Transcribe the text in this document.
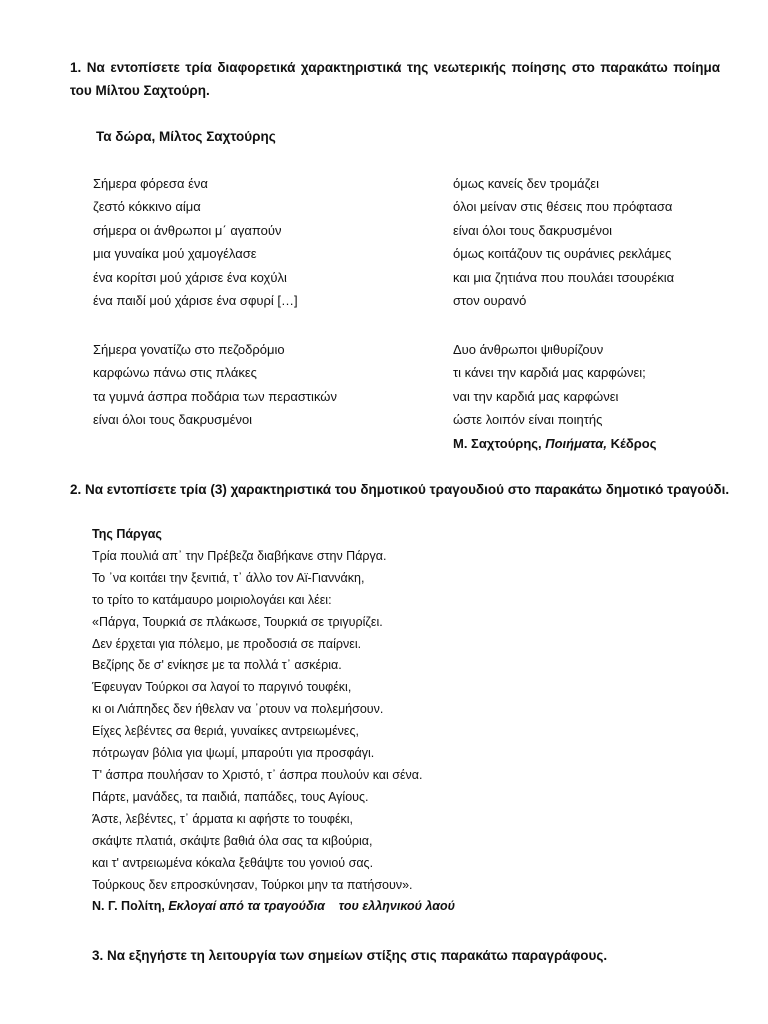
1. Να εντοπίσετε τρία διαφορετικά χαρακτηριστικά της νεωτερικής ποίησης στο παρακάτω ποίημα του Μίλτου Σαχτούρη.

Τα δώρα, Μίλτος Σαχτούρης

Σήμερα φόρεσα ένα
ζεστό κόκκινο αίμα
σήμερα οι άνθρωποι μ΄ αγαπούν
μια γυναίκα μού χαμογέλασε
ένα κορίτσι μού χάρισε ένα κοχύλι
ένα παιδί μού χάρισε ένα σφυρί […]
Σήμερα γονατίζω στο πεζοδρόμιο
καρφώνω πάνω στις πλάκες
τα γυμνά άσπρα ποδάρια των περαστικών
είναι όλοι τους δακρυσμένοι
όμως κανείς δεν τρομάζει
όλοι μείναν στις θέσεις που πρόφτασα
είναι όλοι τους δακρυσμένοι
όμως κοιτάζουν τις ουράνιες ρεκλάμες
και μια ζητιάνα που πουλάει τσουρέκια
στον ουρανό
Δυο άνθρωποι ψιθυρίζουν
τι κάνει την καρδιά μας καρφώνει;
ναι την καρδιά μας καρφώνει
ώστε λοιπόν είναι ποιητής
Μ. Σαχτούρης, Ποιήματα, Κέδρος

2. Να εντοπίσετε τρία (3) χαρακτηριστικά του δημοτικού τραγουδιού στο παρακάτω δημοτικό τραγούδι.

Της Πάργας
Τρία πουλιά απ᾽ την Πρέβεζα διαβήκανε στην Πάργα.
Το ᾽να κοιτάει την ξενιτιά, τ᾽ άλλο τον Αϊ-Γιαννάκη,
το τρίτο το κατάμαυρο μοιριολογάει και λέει:
«Πάργα, Τουρκιά σε πλάκωσε, Τουρκιά σε τριγυρίζει.
Δεν έρχεται για πόλεμο, με προδοσιά σε παίρνει.
Βεζίρης δε σ' ενίκησε με τα πολλά τ᾽ ασκέρια.
Έφευγαν Τούρκοι σα λαγοί το παργινό τουφέκι,
κι οι Λιάπηδες δεν ήθελαν να ᾽ρτουν να πολεμήσουν.
Είχες λεβέντες σα θεριά, γυναίκες αντρειωμένες,
πότρωγαν βόλια για ψωμί, μπαρούτι για προσφάγι.
Τ' άσπρα πουλήσαν το Χριστό, τ᾽ άσπρα πουλούν και σένα.
Πάρτε, μανάδες, τα παιδιά, παπάδες, τους Αγίους.
Άστε, λεβέντες, τ᾽ άρματα κι αφήστε το τουφέκι,
σκάψτε πλατιά, σκάψτε βαθιά όλα σας τα κιβούρια,
και τ' αντρειωμένα κόκαλα ξεθάψτε του γονιού σας.
Τούρκους δεν επροσκύνησαν, Τούρκοι μην τα πατήσουν».
Ν. Γ. Πολίτη, Εκλογαί από τα τραγούδια    του ελληνικού λαού

3. Να εξηγήστε τη λειτουργία των σημείων στίξης στις παρακάτω παραγράφους.
